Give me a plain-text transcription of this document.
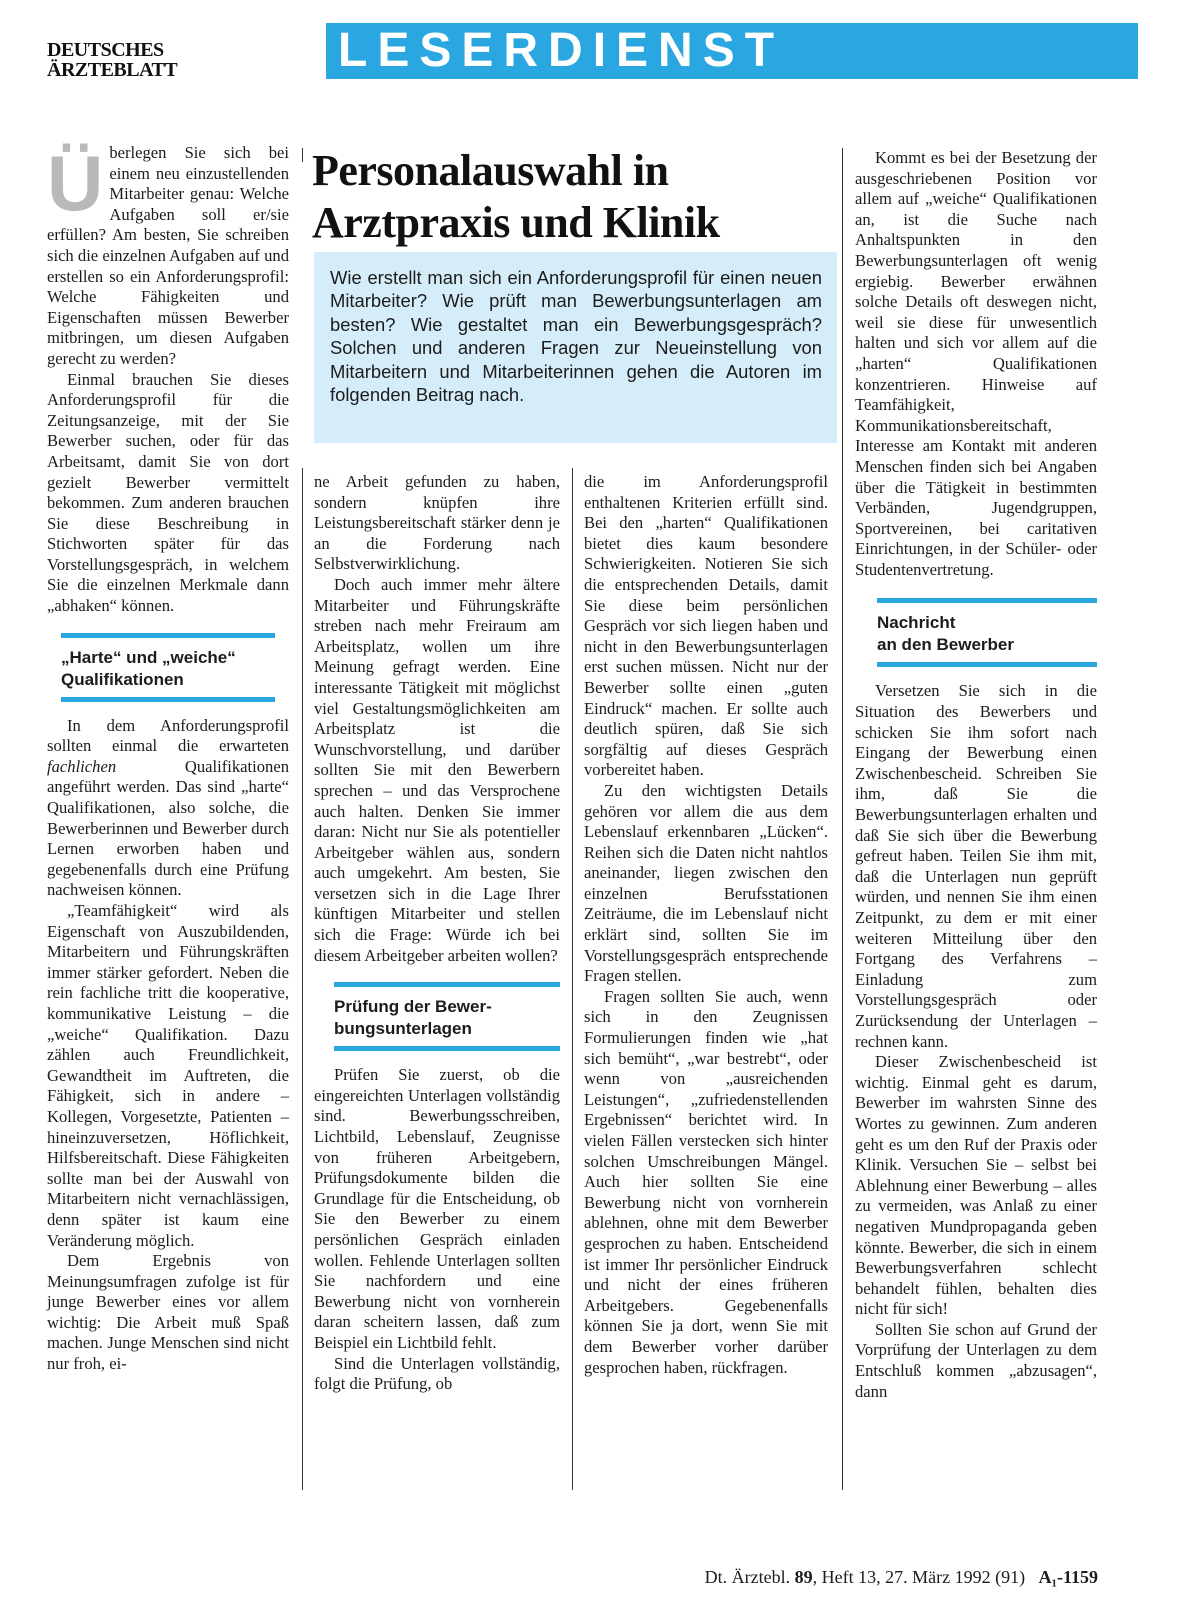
DEUTSCHES
ÄRZTEBLATT	LESERDIENST

Überlegen Sie sich bei einem neu einzustellenden Mitarbeiter genau: Welche Aufgaben soll er/sie erfüllen? Am besten, Sie schreiben sich die einzelnen Aufgaben auf und erstellen so ein Anforderungsprofil: Welche Fähigkeiten und Eigenschaften müssen Bewerber mitbringen, um diesen Aufgaben gerecht zu werden?

Einmal brauchen Sie dieses Anforderungsprofil für die Zeitungsanzeige, mit der Sie Bewerber suchen, oder für das Arbeitsamt, damit Sie von dort gezielt Bewerber vermittelt bekommen. Zum anderen brauchen Sie diese Beschreibung in Stichworten später für das Vorstellungsgespräch, in welchem Sie die einzelnen Merkmale dann „abhaken“ können.

„Harte“ und „weiche“
Qualifikationen

In dem Anforderungsprofil sollten einmal die erwarteten fachlichen Qualifikationen angeführt werden. Das sind „harte“ Qualifikationen, also solche, die Bewerberinnen und Bewerber durch Lernen erworben haben und gegebenenfalls durch eine Prüfung nachweisen können.

„Teamfähigkeit“ wird als Eigenschaft von Auszubildenden, Mitarbeitern und Führungskräften immer stärker gefordert. Neben die rein fachliche tritt die kooperative, kommunikative Leistung – die „weiche“ Qualifikation. Dazu zählen auch Freundlichkeit, Gewandtheit im Auftreten, die Fähigkeit, sich in andere – Kollegen, Vorgesetzte, Patienten – hineinzuversetzen, Höflichkeit, Hilfsbereitschaft. Diese Fähigkeiten sollte man bei der Auswahl von Mitarbeitern nicht vernachlässigen, denn später ist kaum eine Veränderung möglich.

Dem Ergebnis von Meinungsumfragen zufolge ist für junge Bewerber eines vor allem wichtig: Die Arbeit muß Spaß machen. Junge Menschen sind nicht nur froh, ei-

Personalauswahl in
Arztpraxis und Klinik
Wie erstellt man sich ein Anforderungsprofil für einen neuen Mitarbeiter? Wie prüft man Bewerbungsunterlagen am besten? Wie gestaltet man ein Bewerbungsgespräch? Solchen und anderen Fragen zur Neueinstellung von Mitarbeitern und Mitarbeiterinnen gehen die Autoren im folgenden Beitrag nach.

ne Arbeit gefunden zu haben, sondern knüpfen ihre Leistungsbereitschaft stärker denn je an die Forderung nach Selbstverwirklichung.

Doch auch immer mehr ältere Mitarbeiter und Führungskräfte streben nach mehr Freiraum am Arbeitsplatz, wollen um ihre Meinung gefragt werden. Eine interessante Tätigkeit mit möglichst viel Gestaltungsmöglichkeiten am Arbeitsplatz ist die Wunschvorstellung, und darüber sollten Sie mit den Bewerbern sprechen – und das Versprochene auch halten. Denken Sie immer daran: Nicht nur Sie als potentieller Arbeitgeber wählen aus, sondern auch umgekehrt. Am besten, Sie versetzen sich in die Lage Ihrer künftigen Mitarbeiter und stellen sich die Frage: Würde ich bei diesem Arbeitgeber arbeiten wollen?

Prüfung der Bewer-
bungsunterlagen

Prüfen Sie zuerst, ob die eingereichten Unterlagen vollständig sind. Bewerbungsschreiben, Lichtbild, Lebenslauf, Zeugnisse von früheren Arbeitgebern, Prüfungsdokumente bilden die Grundlage für die Entscheidung, ob Sie den Bewerber zu einem persönlichen Gespräch einladen wollen. Fehlende Unterlagen sollten Sie nachfordern und eine Bewerbung nicht von vornherein daran scheitern lassen, daß zum Beispiel ein Lichtbild fehlt.

Sind die Unterlagen vollständig, folgt die Prüfung, ob

die im Anforderungsprofil enthaltenen Kriterien erfüllt sind. Bei den „harten“ Qualifikationen bietet dies kaum besondere Schwierigkeiten. Notieren Sie sich die entsprechenden Details, damit Sie diese beim persönlichen Gespräch vor sich liegen haben und nicht in den Bewerbungsunterlagen erst suchen müssen. Nicht nur der Bewerber sollte einen „guten Eindruck“ machen. Er sollte auch deutlich spüren, daß Sie sich sorgfältig auf dieses Gespräch vorbereitet haben.

Zu den wichtigsten Details gehören vor allem die aus dem Lebenslauf erkennbaren „Lücken“. Reihen sich die Daten nicht nahtlos aneinander, liegen zwischen den einzelnen Berufsstationen Zeiträume, die im Lebenslauf nicht erklärt sind, sollten Sie im Vorstellungsgespräch entsprechende Fragen stellen.

Fragen sollten Sie auch, wenn sich in den Zeugnissen Formulierungen finden wie „hat sich bemüht“, „war bestrebt“, oder wenn von „ausreichenden Leistungen“, „zufriedenstellenden Ergebnissen“ berichtet wird. In vielen Fällen verstecken sich hinter solchen Umschreibungen Mängel. Auch hier sollten Sie eine Bewerbung nicht von vornherein ablehnen, ohne mit dem Bewerber gesprochen zu haben. Entscheidend ist immer Ihr persönlicher Eindruck und nicht der eines früheren Arbeitgebers. Gegebenenfalls können Sie ja dort, wenn Sie mit dem Bewerber vorher darüber gesprochen haben, rückfragen.

Kommt es bei der Besetzung der ausgeschriebenen Position vor allem auf „weiche“ Qualifikationen an, ist die Suche nach Anhaltspunkten in den Bewerbungsunterlagen oft wenig ergiebig. Bewerber erwähnen solche Details oft deswegen nicht, weil sie diese für unwesentlich halten und sich vor allem auf die „harten“ Qualifikationen konzentrieren. Hinweise auf Teamfähigkeit, Kommunikationsbereitschaft, Interesse am Kontakt mit anderen Menschen finden sich bei Angaben über die Tätigkeit in bestimmten Verbänden, Jugendgruppen, Sportvereinen, bei caritativen Einrichtungen, in der Schüler- oder Studentenvertretung.

Nachricht
an den Bewerber

Versetzen Sie sich in die Situation des Bewerbers und schicken Sie ihm sofort nach Eingang der Bewerbung einen Zwischenbescheid. Schreiben Sie ihm, daß Sie die Bewerbungsunterlagen erhalten und daß Sie sich über die Bewerbung gefreut haben. Teilen Sie ihm mit, daß die Unterlagen nun geprüft würden, und nennen Sie ihm einen Zeitpunkt, zu dem er mit einer weiteren Mitteilung über den Fortgang des Verfahrens – Einladung zum Vorstellungsgespräch oder Zurücksendung der Unterlagen – rechnen kann.

Dieser Zwischenbescheid ist wichtig. Einmal geht es darum, Bewerber im wahrsten Sinne des Wortes zu gewinnen. Zum anderen geht es um den Ruf der Praxis oder Klinik. Versuchen Sie – selbst bei Ablehnung einer Bewerbung – alles zu vermeiden, was Anlaß zu einer negativen Mundpropaganda geben könnte. Bewerber, die sich in einem Bewerbungsverfahren schlecht behandelt fühlen, behalten dies nicht für sich!

Sollten Sie schon auf Grund der Vorprüfung der Unterlagen zu dem Entschluß kommen „abzusagen“, dann

Dt. Ärztebl. 89, Heft 13, 27. März 1992 (91) A₁-1159
